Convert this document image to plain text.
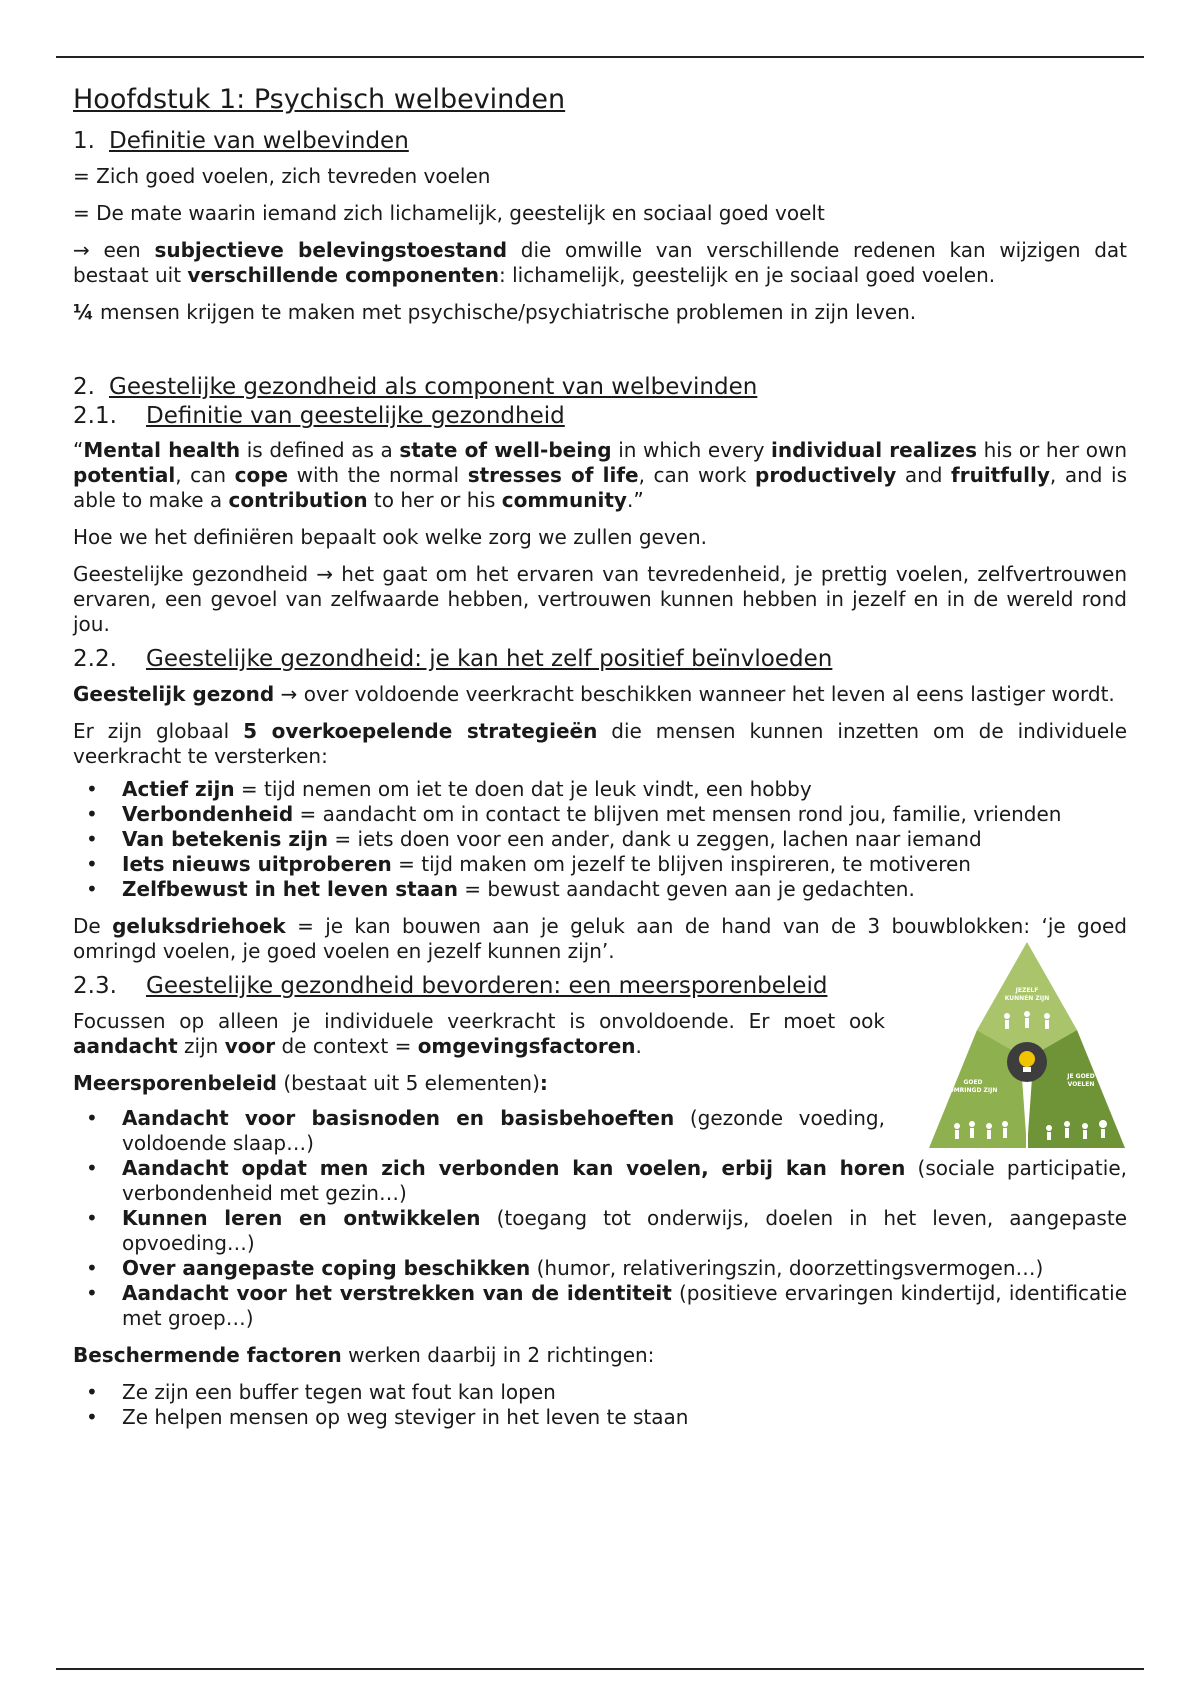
Hoofdstuk 1: Psychisch welbevinden
1. Definitie van welbevinden

= Zich goed voelen, zich tevreden voelen

= De mate waarin iemand zich lichamelijk, geestelijk en sociaal goed voelt

→ een subjectieve belevingstoestand die omwille van verschillende redenen kan wijzigen dat bestaat uit verschillende componenten: lichamelijk, geestelijk en je sociaal goed voelen.

¼ mensen krijgen te maken met psychische/psychiatrische problemen in zijn leven.

2. Geestelijke gezondheid als component van welbevinden
2.1. Definitie van geestelijke gezondheid

“Mental health is defined as a state of well-being in which every individual realizes his or her own potential, can cope with the normal stresses of life, can work productively and fruitfully, and is able to make a contribution to her or his community.”

Hoe we het definiëren bepaalt ook welke zorg we zullen geven.

Geestelijke gezondheid → het gaat om het ervaren van tevredenheid, je prettig voelen, zelfvertrouwen ervaren, een gevoel van zelfwaarde hebben, vertrouwen kunnen hebben in jezelf en in de wereld rond jou.

2.2. Geestelijke gezondheid: je kan het zelf positief beïnvloeden

Geestelijk gezond → over voldoende veerkracht beschikken wanneer het leven al eens lastiger wordt.

Er zijn globaal 5 overkoepelende strategieën die mensen kunnen inzetten om de individuele veerkracht te versterken:

• Actief zijn = tijd nemen om iet te doen dat je leuk vindt, een hobby
• Verbondenheid = aandacht om in contact te blijven met mensen rond jou, familie, vrienden
• Van betekenis zijn = iets doen voor een ander, dank u zeggen, lachen naar iemand
• Iets nieuws uitproberen = tijd maken om jezelf te blijven inspireren, te motiveren
• Zelfbewust in het leven staan = bewust aandacht geven aan je gedachten.

De geluksdriehoek = je kan bouwen aan je geluk aan de hand van de 3 bouwblokken: ‘je goed omringd voelen, je goed voelen en jezelf kunnen zijn’.

JEZELF
KUNNEN ZIJN
GOED
OMRINGD ZIJN
JE GOED
VOELEN
2.3. Geestelijke gezondheid bevorderen: een meersporenbeleid

Focussen op alleen je individuele veerkracht is onvoldoende. Er moet ook aandacht zijn voor de context = omgevingsfactoren.

Meersporenbeleid (bestaat uit 5 elementen):

• Aandacht voor basisnoden en basisbehoeften (gezonde voeding, voldoende slaap…)
• Aandacht opdat men zich verbonden kan voelen, erbij kan horen (sociale participatie, verbondenheid met gezin…)
• Kunnen leren en ontwikkelen (toegang tot onderwijs, doelen in het leven, aangepaste opvoeding…)
• Over aangepaste coping beschikken (humor, relativeringszin, doorzettingsvermogen…)
• Aandacht voor het verstrekken van de identiteit (positieve ervaringen kindertijd, identificatie met groep…)

Beschermende factoren werken daarbij in 2 richtingen:

• Ze zijn een buffer tegen wat fout kan lopen
• Ze helpen mensen op weg steviger in het leven te staan
